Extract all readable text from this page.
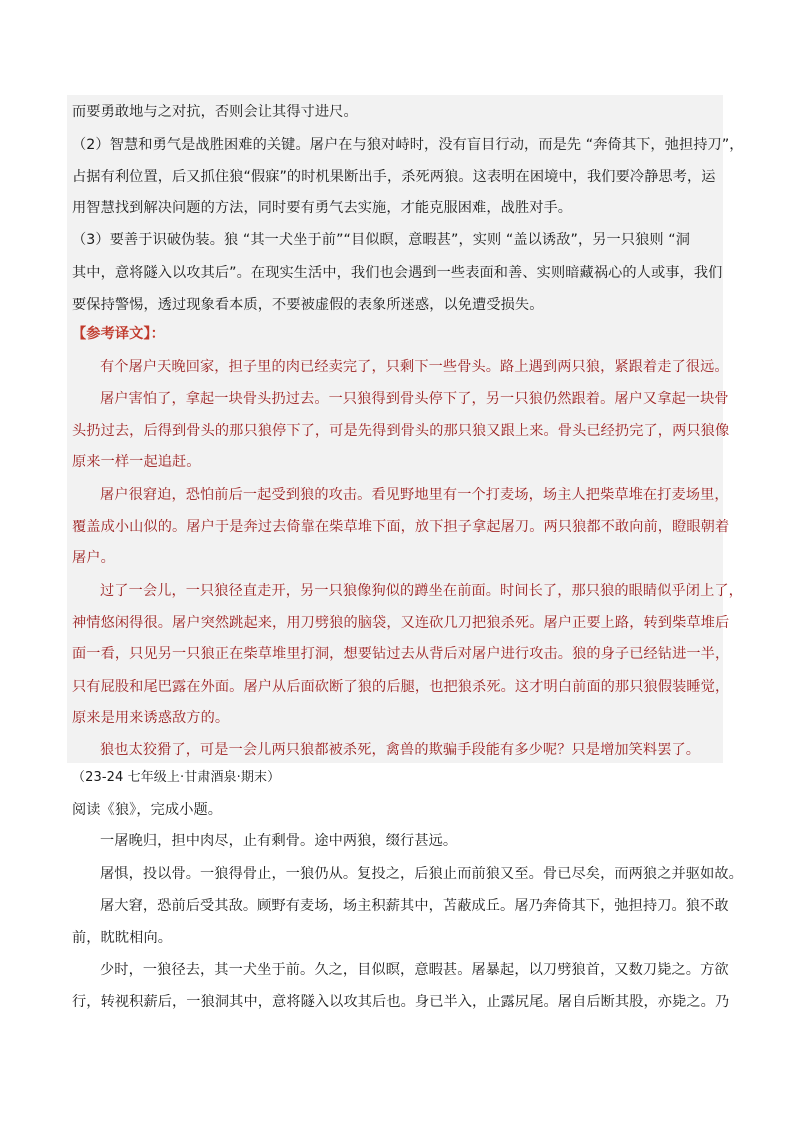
而要勇敢地与之对抗，否则会让其得寸进尺。

（2）智慧和勇气是战胜困难的关键。屠户在与狼对峙时，没有盲目行动，而是先 “奔倚其下，弛担持刀”，

占据有利位置，后又抓住狼“假寐”的时机果断出手，杀死两狼。这表明在困境中，我们要冷静思考，运

用智慧找到解决问题的方法，同时要有勇气去实施，才能克服困难，战胜对手。

（3）要善于识破伪装。狼 “其一犬坐于前”“目似瞑，意暇甚”，实则 “盖以诱敌”，另一只狼则 “洞

其中，意将隧入以攻其后”。在现实生活中，我们也会遇到一些表面和善、实则暗藏祸心的人或事，我们

要保持警惕，透过现象看本质，不要被虚假的表象所迷惑，以免遭受损失。

【参考译文】：

有个屠户天晚回家，担子里的肉已经卖完了，只剩下一些骨头。路上遇到两只狼，紧跟着走了很远。

屠户害怕了，拿起一块骨头扔过去。一只狼得到骨头停下了，另一只狼仍然跟着。屠户又拿起一块骨

头扔过去，后得到骨头的那只狼停下了，可是先得到骨头的那只狼又跟上来。骨头已经扔完了，两只狼像

原来一样一起追赶。

屠户很窘迫，恐怕前后一起受到狼的攻击。看见野地里有一个打麦场，场主人把柴草堆在打麦场里，

覆盖成小山似的。屠户于是奔过去倚靠在柴草堆下面，放下担子拿起屠刀。两只狼都不敢向前，瞪眼朝着

屠户。

过了一会儿，一只狼径直走开，另一只狼像狗似的蹲坐在前面。时间长了，那只狼的眼睛似乎闭上了，

神情悠闲得很。屠户突然跳起来，用刀劈狼的脑袋，又连砍几刀把狼杀死。屠户正要上路，转到柴草堆后

面一看，只见另一只狼正在柴草堆里打洞，想要钻过去从背后对屠户进行攻击。狼的身子已经钻进一半，

只有屁股和尾巴露在外面。屠户从后面砍断了狼的后腿，也把狼杀死。这才明白前面的那只狼假装睡觉，

原来是用来诱惑敌方的。

狼也太狡猾了，可是一会儿两只狼都被杀死，禽兽的欺骗手段能有多少呢？只是增加笑料罢了。

（23-24 七年级上·甘肃酒泉·期末）

阅读《狼》，完成小题。

一屠晚归，担中肉尽，止有剩骨。途中两狼，缀行甚远。

屠惧，投以骨。一狼得骨止，一狼仍从。复投之，后狼止而前狼又至。骨已尽矣，而两狼之并驱如故。

屠大窘，恐前后受其敌。顾野有麦场，场主积薪其中，苫蔽成丘。屠乃奔倚其下，弛担持刀。狼不敢

前，眈眈相向。

少时，一狼径去，其一犬坐于前。久之，目似瞑，意暇甚。屠暴起，以刀劈狼首，又数刀毙之。方欲

行，转视积薪后，一狼洞其中，意将隧入以攻其后也。身已半入，止露尻尾。屠自后断其股，亦毙之。乃
